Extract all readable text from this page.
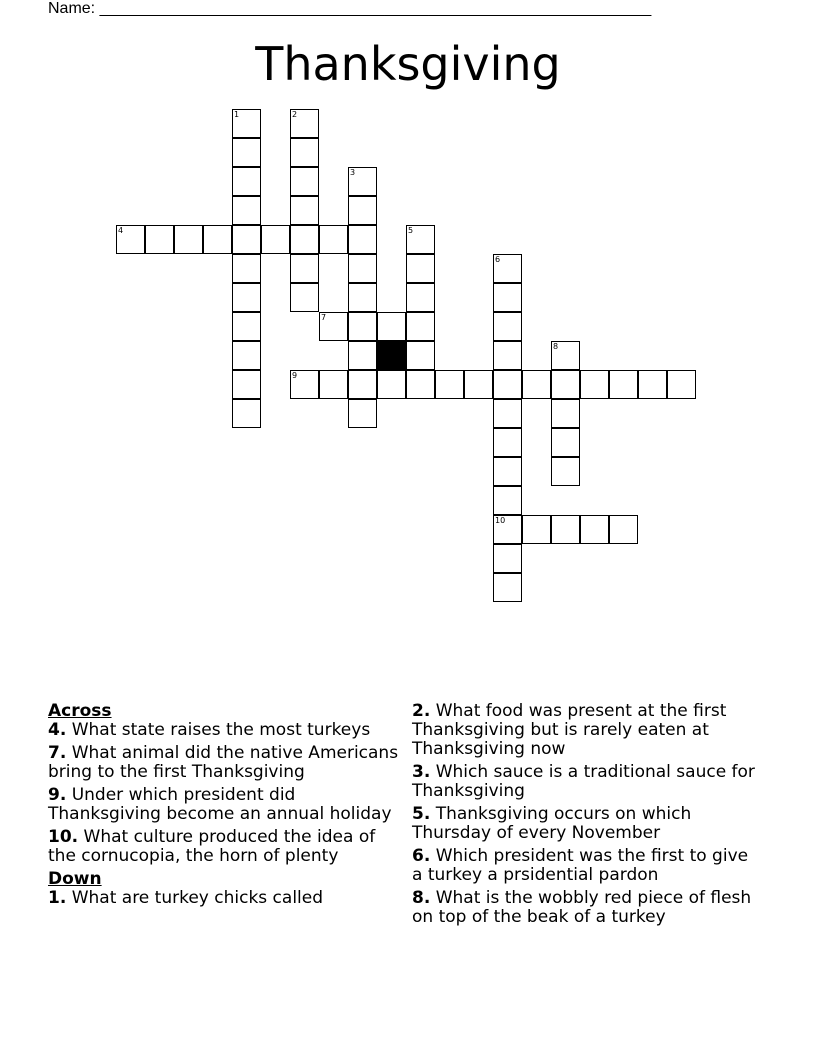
Name: ______________________________________________________________
Thanksgiving
1	2
3
4	5
6
10
7
8
9
Across
4. What state raises the most turkeys
7. What animal did the native Americans bring to the first Thanksgiving
9. Under which president did Thanksgiving become an annual holiday
10. What culture produced the idea of the cornucopia, the horn of plenty
Down
1. What are turkey chicks called
2. What food was present at the first Thanksgiving but is rarely eaten at Thanksgiving now
3. Which sauce is a traditional sauce for Thanksgiving
5. Thanksgiving occurs on which Thursday of every November
6. Which president was the first to give a turkey a prsidential pardon
8. What is the wobbly red piece of flesh on top of the beak of a turkey
